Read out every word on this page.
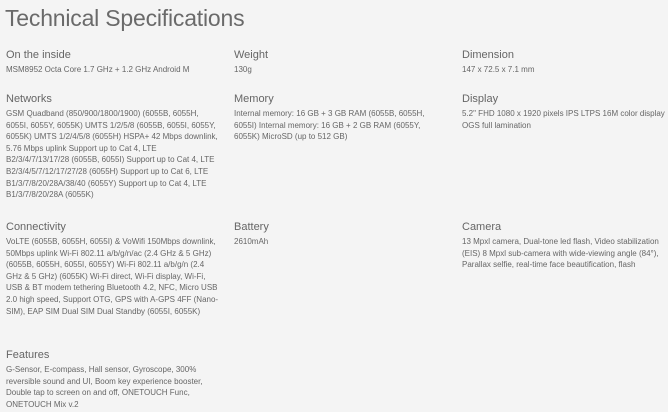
Technical Specifications
On the inside
MSM8952 Octa Core 1.7 GHz + 1.2 GHz Android M
Weight
130g
Dimension
147 x 72.5 x 7.1 mm
Networks
GSM Quadband (850/900/1800/1900) (6055B, 6055H, 6055I, 6055Y, 6055K) UMTS 1/2/5/8 (6055B, 6055I, 6055Y, 6055K) UMTS 1/2/4/5/8 (6055H) HSPA+ 42 Mbps downlink, 5.76 Mbps uplink Support up to Cat 4, LTE B2/3/4/7/13/17/28 (6055B, 6055I) Support up to Cat 4, LTE B2/3/4/5/7/12/17/27/28 (6055H) Support up to Cat 6, LTE B1/3/7/8/20/28A/38/40 (6055Y) Support up to Cat 4, LTE B1/3/7/8/20/28A (6055K)
Memory
Internal memory: 16 GB + 3 GB RAM (6055B, 6055H, 6055I) Internal memory: 16 GB + 2 GB RAM (6055Y, 6055K) MicroSD (up to 512 GB)
Display
5.2" FHD 1080 x 1920 pixels IPS LTPS 16M color display OGS full lamination
Connectivity
VoLTE (6055B, 6055H, 6055I) & VoWifi 150Mbps downlink, 50Mbps uplink Wi-Fi 802.11 a/b/g/n/ac (2.4 GHz & 5 GHz) (6055B, 6055H, 6055I, 6055Y) Wi-Fi 802.11 a/b/g/n (2.4 GHz & 5 GHz) (6055K) Wi-Fi direct, Wi-Fi display, Wi-Fi, USB & BT modem tethering Bluetooth 4.2, NFC, Micro USB 2.0 high speed, Support OTG, GPS with A-GPS 4FF (Nano-SIM), EAP SIM Dual SIM Dual Standby (6055I, 6055K)
Battery
2610mAh
Camera
13 Mpxl camera, Dual-tone led flash, Video stabilization (EIS) 8 Mpxl sub-camera with wide-viewing angle (84°), Parallax selfie, real-time face beautification, flash
Features
G-Sensor, E-compass, Hall sensor, Gyroscope, 300% reversible sound and UI, Boom key experience booster, Double tap to screen on and off, ONETOUCH Func, ONETOUCH Mix v.2
